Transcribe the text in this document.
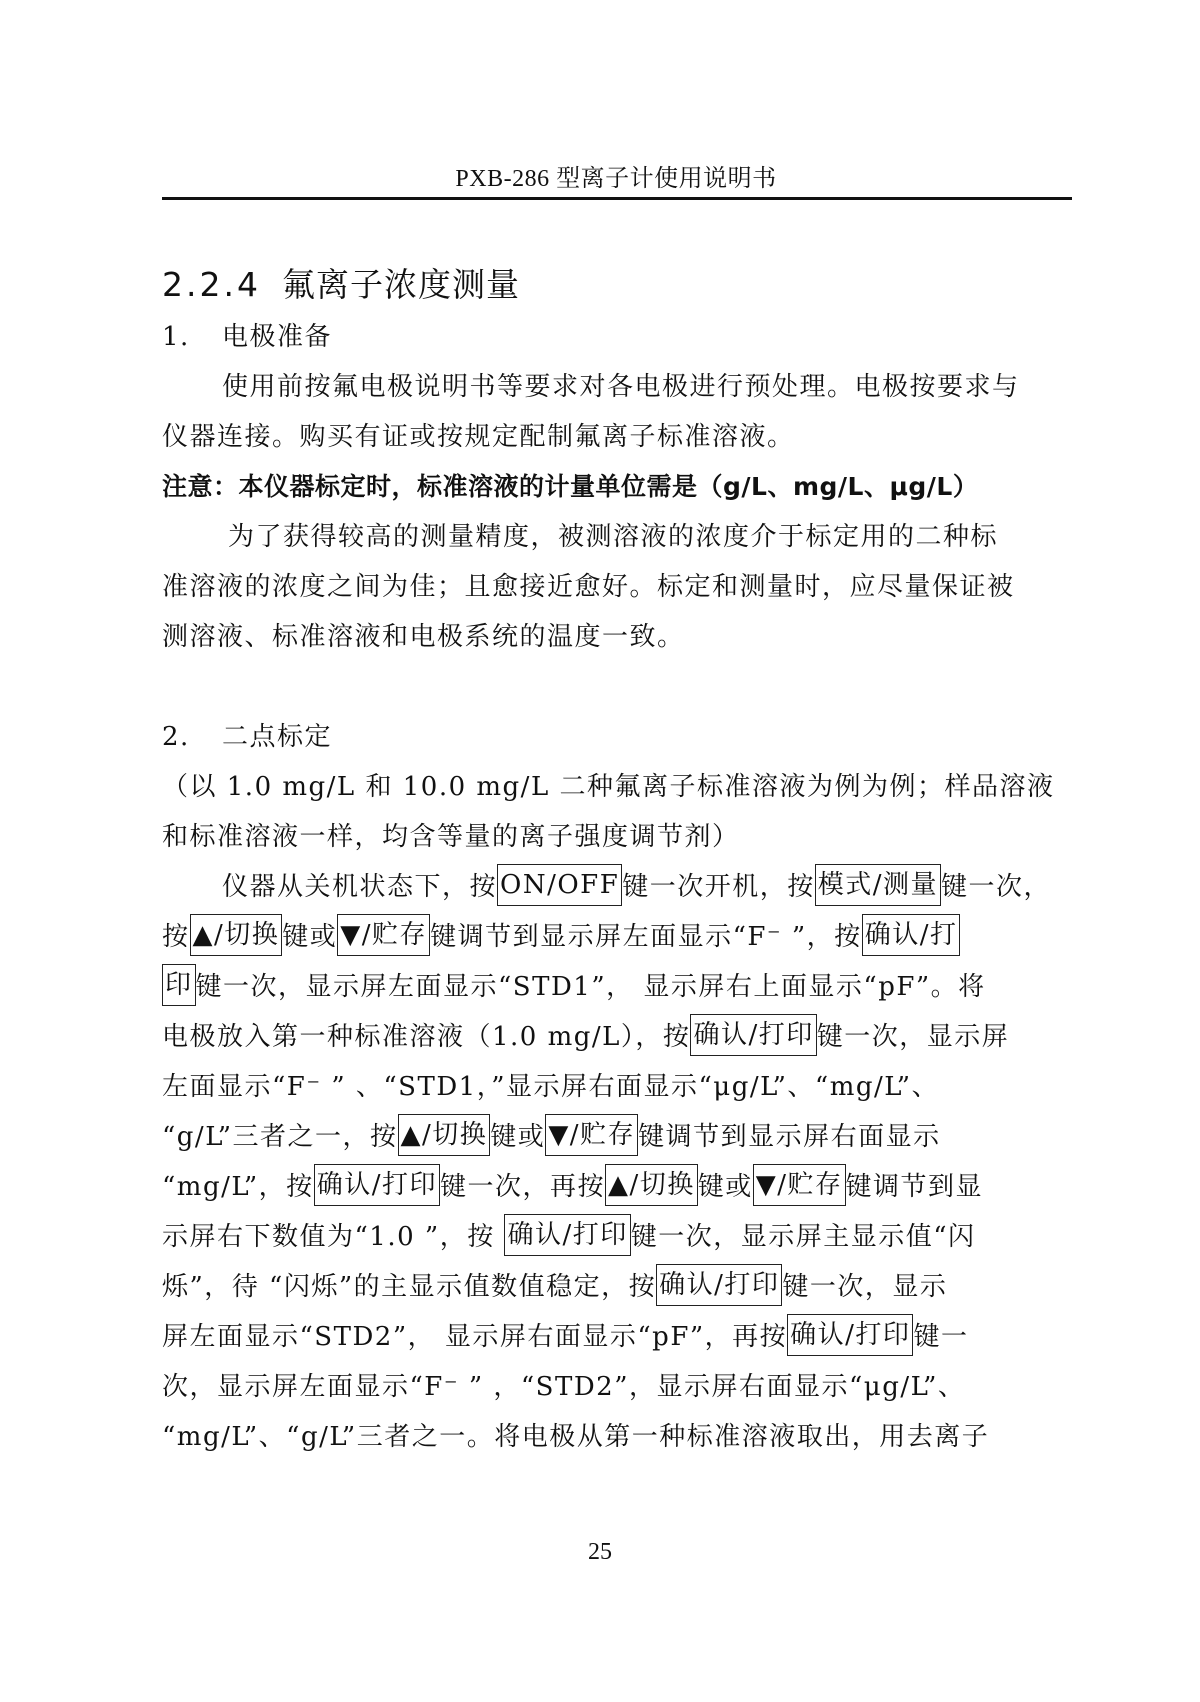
PXB-286 型离子计使用说明书
2.2.4 氟离子浓度测量
1. 电极准备
使用前按氟电极说明书等要求对各电极进行预处理。电极按要求与
仪器连接。购买有证或按规定配制氟离子标准溶液。
注意：本仪器标定时，标准溶液的计量单位需是（g/L、mg/L、μg/L）
为了获得较高的测量精度，被测溶液的浓度介于标定用的二种标
准溶液的浓度之间为佳；且愈接近愈好。标定和测量时，应尽量保证被
测溶液、标准溶液和电极系统的温度一致。
2. 二点标定
（以 1.0 mg/L 和 10.0 mg/L 二种氟离子标准溶液为例为例；样品溶液
和标准溶液一样，均含等量的离子强度调节剂）
仪器从关机状态下，按 ON/OFF 键一次开机，按 模式/测量 键一次，
按 ▲/切换 键或 ▼/贮存 键调节到显示屏左面显示“F⁻ ”，按 确认/打
印 键一次，显示屏左面显示“STD1”， 显示屏右上面显示“pF”。将
电极放入第一种标准溶液（1.0 mg/L），按 确认/打印 键一次，显示屏
左面显示“F⁻ ” 、“STD1，”显示屏右面显示“μg/L”、“mg/L”、
“g/L”三者之一，按 ▲/切换 键或 ▼/贮存 键调节到显示屏右面显示
“mg/L”，按 确认/打印 键一次，再按 ▲/切换 键或 ▼/贮存 键调节到显
示屏右下数值为“1.0 ”，按 确认/打印 键一次，显示屏主显示值“闪
烁”，待 “闪烁”的主显示值数值稳定，按 确认/打印 键一次，显示
屏左面显示“STD2”， 显示屏右面显示“pF”，再按 确认/打印 键一
次，显示屏左面显示“F⁻ ” ，“STD2”，显示屏右面显示“μg/L”、
“mg/L”、“g/L”三者之一。将电极从第一种标准溶液取出，用去离子
25
